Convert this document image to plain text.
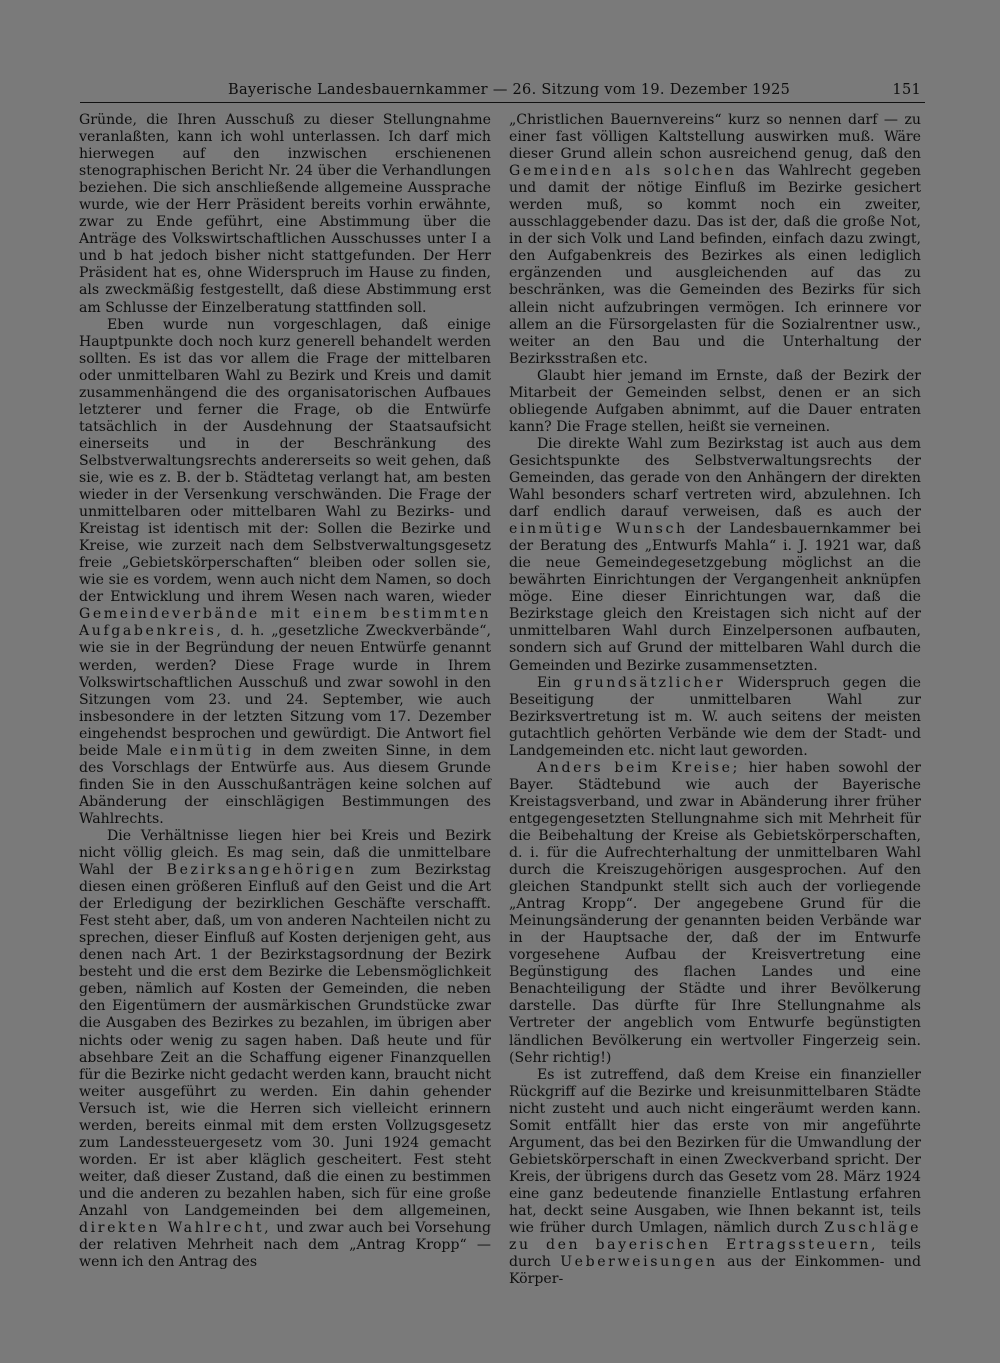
Bayerische Landesbauernkammer — 26. Sitzung vom 19. Dezember 1925	151

Gründe, die Ihren Ausschuß zu dieser Stellungnahme veranlaßten, kann ich wohl unterlassen. Ich darf mich hierwegen auf den inzwischen erschienenen stenographischen Bericht Nr. 24 über die Verhandlungen beziehen. Die sich anschließende allgemeine Aussprache wurde, wie der Herr Präsident bereits vorhin erwähnte, zwar zu Ende geführt, eine Abstimmung über die Anträge des Volkswirtschaftlichen Ausschusses unter I a und b hat jedoch bisher nicht stattgefunden. Der Herr Präsident hat es, ohne Widerspruch im Hause zu finden, als zweckmäßig festgestellt, daß diese Abstimmung erst am Schlusse der Einzelberatung stattfinden soll.

Eben wurde nun vorgeschlagen, daß einige Hauptpunkte doch noch kurz generell behandelt werden sollten. Es ist das vor allem die Frage der mittelbaren oder unmittelbaren Wahl zu Bezirk und Kreis und damit zusammenhängend die des organisatorischen Aufbaues letzterer und ferner die Frage, ob die Entwürfe tatsächlich in der Ausdehnung der Staatsaufsicht einerseits und in der Beschränkung des Selbstverwaltungsrechts andererseits so weit gehen, daß sie, wie es z. B. der b. Städtetag verlangt hat, am besten wieder in der Versenkung verschwänden. Die Frage der unmittelbaren oder mittelbaren Wahl zu Bezirks- und Kreistag ist identisch mit der: Sollen die Bezirke und Kreise, wie zurzeit nach dem Selbstverwaltungsgesetz freie „Gebietskörperschaften“ bleiben oder sollen sie, wie sie es vordem, wenn auch nicht dem Namen, so doch der Entwicklung und ihrem Wesen nach waren, wieder Gemeindeverbände mit einem bestimmten Aufgabenkreis, d. h. „gesetzliche Zweckverbände“, wie sie in der Begründung der neuen Entwürfe genannt werden, werden? Diese Frage wurde in Ihrem Volkswirtschaftlichen Ausschuß und zwar sowohl in den Sitzungen vom 23. und 24. September, wie auch insbesondere in der letzten Sitzung vom 17. Dezember eingehendst besprochen und gewürdigt. Die Antwort fiel beide Male einmütig in dem zweiten Sinne, in dem des Vorschlags der Entwürfe aus. Aus diesem Grunde finden Sie in den Ausschußanträgen keine solchen auf Abänderung der einschlägigen Bestimmungen des Wahlrechts.

Die Verhältnisse liegen hier bei Kreis und Bezirk nicht völlig gleich. Es mag sein, daß die unmittelbare Wahl der Bezirksangehörigen zum Bezirkstag diesen einen größeren Einfluß auf den Geist und die Art der Erledigung der bezirklichen Geschäfte verschafft. Fest steht aber, daß, um von anderen Nachteilen nicht zu sprechen, dieser Einfluß auf Kosten derjenigen geht, aus denen nach Art. 1 der Bezirkstagsordnung der Bezirk besteht und die erst dem Bezirke die Lebensmöglichkeit geben, nämlich auf Kosten der Gemeinden, die neben den Eigentümern der ausmärkischen Grundstücke zwar die Ausgaben des Bezirkes zu bezahlen, im übrigen aber nichts oder wenig zu sagen haben. Daß heute und für absehbare Zeit an die Schaffung eigener Finanzquellen für die Bezirke nicht gedacht werden kann, braucht nicht weiter ausgeführt zu werden. Ein dahin gehender Versuch ist, wie die Herren sich vielleicht erinnern werden, bereits einmal mit dem ersten Vollzugsgesetz zum Landessteuergesetz vom 30. Juni 1924 gemacht worden. Er ist aber kläglich gescheitert. Fest steht weiter, daß dieser Zustand, daß die einen zu bestimmen und die anderen zu bezahlen haben, sich für eine große Anzahl von Landgemeinden bei dem allgemeinen, direkten Wahlrecht, und zwar auch bei Vorsehung der relativen Mehrheit nach dem „Antrag Kropp“ — wenn ich den Antrag des

„Christlichen Bauernvereins“ kurz so nennen darf — zu einer fast völligen Kaltstellung auswirken muß. Wäre dieser Grund allein schon ausreichend genug, daß den Gemeinden als solchen das Wahlrecht gegeben und damit der nötige Einfluß im Bezirke gesichert werden muß, so kommt noch ein zweiter, ausschlaggebender dazu. Das ist der, daß die große Not, in der sich Volk und Land befinden, einfach dazu zwingt, den Aufgabenkreis des Bezirkes als einen lediglich ergänzenden und ausgleichenden auf das zu beschränken, was die Gemeinden des Bezirks für sich allein nicht aufzubringen vermögen. Ich erinnere vor allem an die Fürsorgelasten für die Sozialrentner usw., weiter an den Bau und die Unterhaltung der Bezirksstraßen etc.

Glaubt hier jemand im Ernste, daß der Bezirk der Mitarbeit der Gemeinden selbst, denen er an sich obliegende Aufgaben abnimmt, auf die Dauer entraten kann? Die Frage stellen, heißt sie verneinen.

Die direkte Wahl zum Bezirkstag ist auch aus dem Gesichtspunkte des Selbstverwaltungsrechts der Gemeinden, das gerade von den Anhängern der direkten Wahl besonders scharf vertreten wird, abzulehnen. Ich darf endlich darauf verweisen, daß es auch der einmütige Wunsch der Landesbauernkammer bei der Beratung des „Entwurfs Mahla“ i. J. 1921 war, daß die neue Gemeindegesetzgebung möglichst an die bewährten Einrichtungen der Vergangenheit anknüpfen möge. Eine dieser Einrichtungen war, daß die Bezirkstage gleich den Kreistagen sich nicht auf der unmittelbaren Wahl durch Einzelpersonen aufbauten, sondern sich auf Grund der mittelbaren Wahl durch die Gemeinden und Bezirke zusammensetzten.

Ein grundsätzlicher Widerspruch gegen die Beseitigung der unmittelbaren Wahl zur Bezirksvertretung ist m. W. auch seitens der meisten gutachtlich gehörten Verbände wie dem der Stadt- und Landgemeinden etc. nicht laut geworden.

Anders beim Kreise; hier haben sowohl der Bayer. Städtebund wie auch der Bayerische Kreistagsverband, und zwar in Abänderung ihrer früher entgegengesetzten Stellungnahme sich mit Mehrheit für die Beibehaltung der Kreise als Gebietskörperschaften, d. i. für die Aufrechterhaltung der unmittelbaren Wahl durch die Kreiszugehörigen ausgesprochen. Auf den gleichen Standpunkt stellt sich auch der vorliegende „Antrag Kropp“. Der angegebene Grund für die Meinungsänderung der genannten beiden Verbände war in der Hauptsache der, daß der im Entwurfe vorgesehene Aufbau der Kreisvertretung eine Begünstigung des flachen Landes und eine Benachteiligung der Städte und ihrer Bevölkerung darstelle. Das dürfte für Ihre Stellungnahme als Vertreter der angeblich vom Entwurfe begünstigten ländlichen Bevölkerung ein wertvoller Fingerzeig sein. (Sehr richtig!)

Es ist zutreffend, daß dem Kreise ein finanzieller Rückgriff auf die Bezirke und kreisunmittelbaren Städte nicht zusteht und auch nicht eingeräumt werden kann. Somit entfällt hier das erste von mir angeführte Argument, das bei den Bezirken für die Umwandlung der Gebietskörperschaft in einen Zweckverband spricht. Der Kreis, der übrigens durch das Gesetz vom 28. März 1924 eine ganz bedeutende finanzielle Entlastung erfahren hat, deckt seine Ausgaben, wie Ihnen bekannt ist, teils wie früher durch Umlagen, nämlich durch Zuschläge zu den bayerischen Ertragssteuern, teils durch Ueberweisungen aus der Einkommen- und Körper-
